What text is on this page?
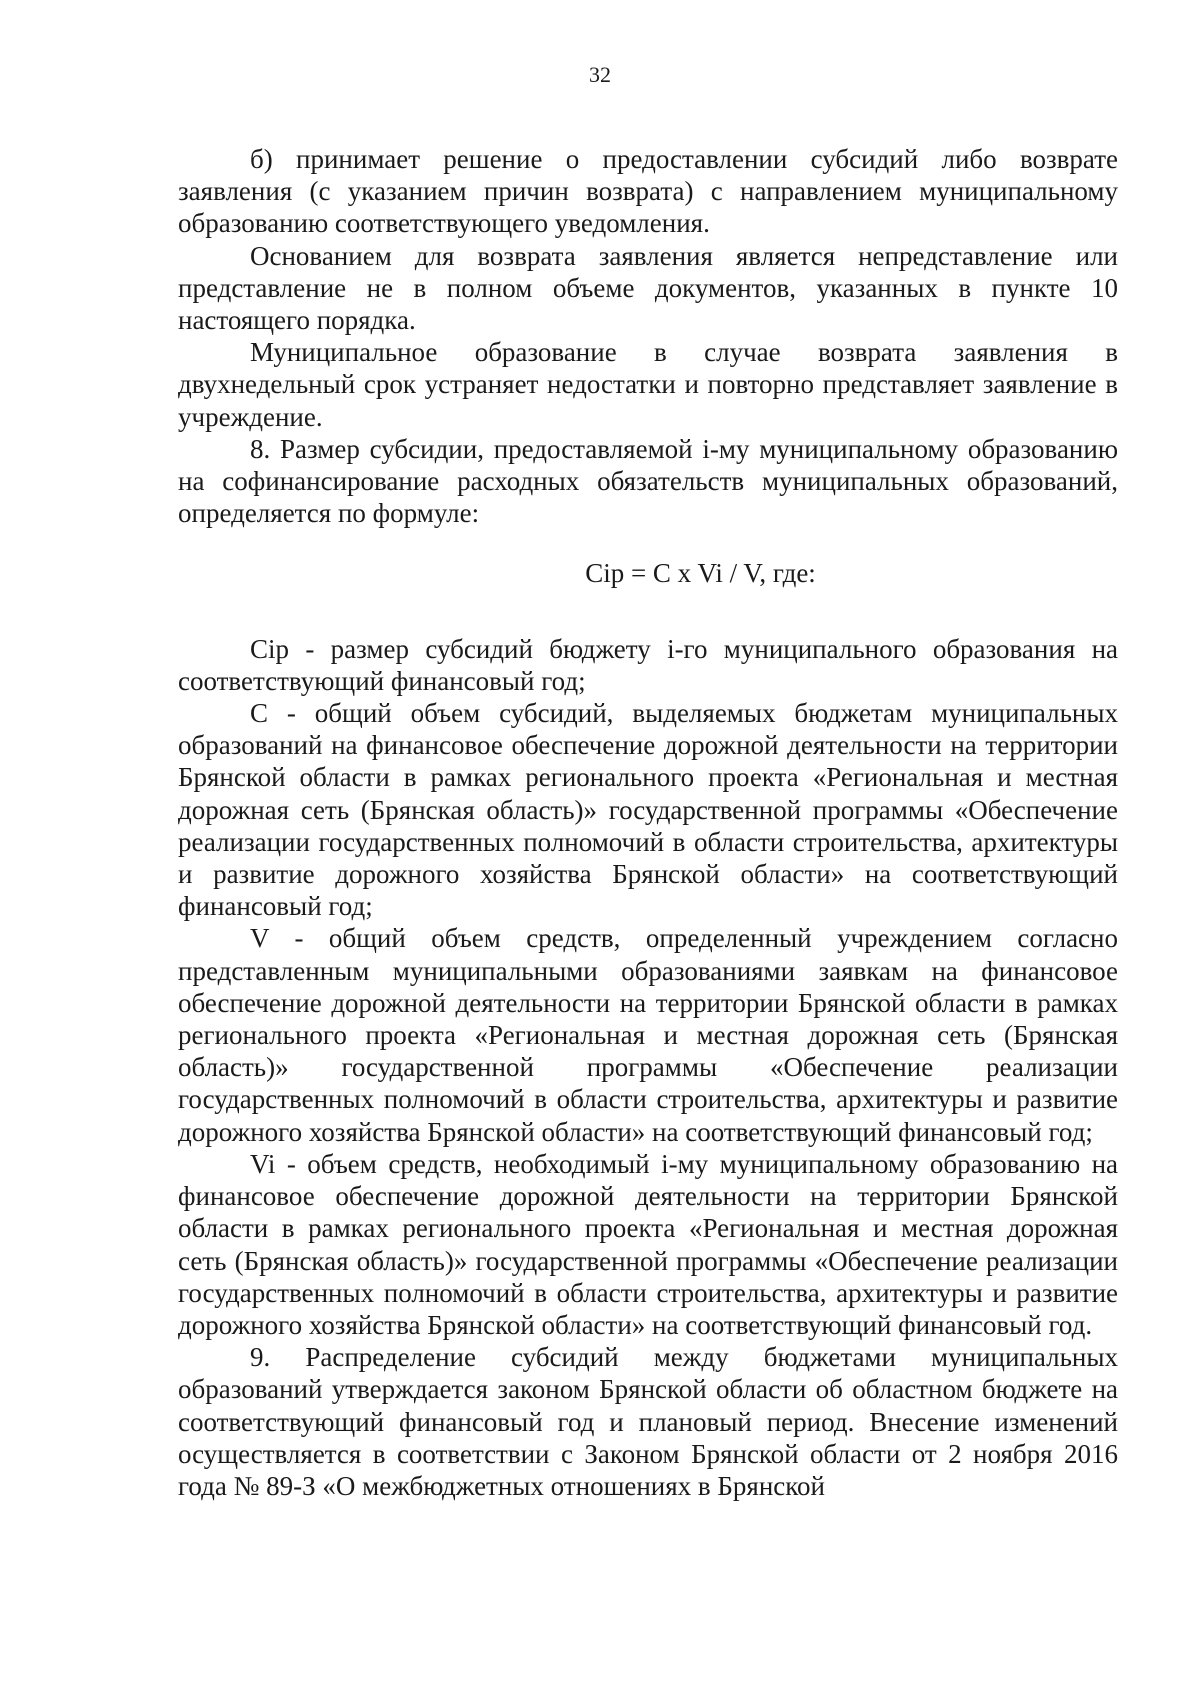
32

б) принимает решение о предоставлении субсидий либо возврате заявления (с указанием причин возврата) с направлением муниципальному образованию соответствующего уведомления.

Основанием для возврата заявления является непредставление или представление не в полном объеме документов, указанных в пункте 10 настоящего порядка.

Муниципальное образование в случае возврата заявления в двухнедельный срок устраняет недостатки и повторно представляет заявление в учреждение.

8. Размер субсидии, предоставляемой i-му муниципальному образованию на софинансирование расходных обязательств муниципальных образований, определяется по формуле:

Cip = C x Vi / V, где:

Cip - размер субсидий бюджету i-го муниципального образования на соответствующий финансовый год;

C - общий объем субсидий, выделяемых бюджетам муниципальных образований на финансовое обеспечение дорожной деятельности на территории Брянской области в рамках регионального проекта «Региональная и местная дорожная сеть (Брянская область)» государственной программы «Обеспечение реализации государственных полномочий в области строительства, архитектуры и развитие дорожного хозяйства Брянской области» на соответствующий финансовый год;

V - общий объем средств, определенный учреждением согласно представленным муниципальными образованиями заявкам на финансовое обеспечение дорожной деятельности на территории Брянской области в рамках регионального проекта «Региональная и местная дорожная сеть (Брянская область)» государственной программы «Обеспечение реализации государственных полномочий в области строительства, архитектуры и развитие дорожного хозяйства Брянской области» на соответствующий финансовый год;

Vi - объем средств, необходимый i-му муниципальному образованию на финансовое обеспечение дорожной деятельности на территории Брянской области в рамках регионального проекта «Региональная и местная дорожная сеть (Брянская область)» государственной программы «Обеспечение реализации государственных полномочий в области строительства, архитектуры и развитие дорожного хозяйства Брянской области» на соответствующий финансовый год.

9. Распределение субсидий между бюджетами муниципальных образований утверждается законом Брянской области об областном бюджете на соответствующий финансовый год и плановый период. Внесение изменений осуществляется в соответствии с Законом Брянской области от 2 ноября 2016 года № 89-З «О межбюджетных отношениях в Брянской
